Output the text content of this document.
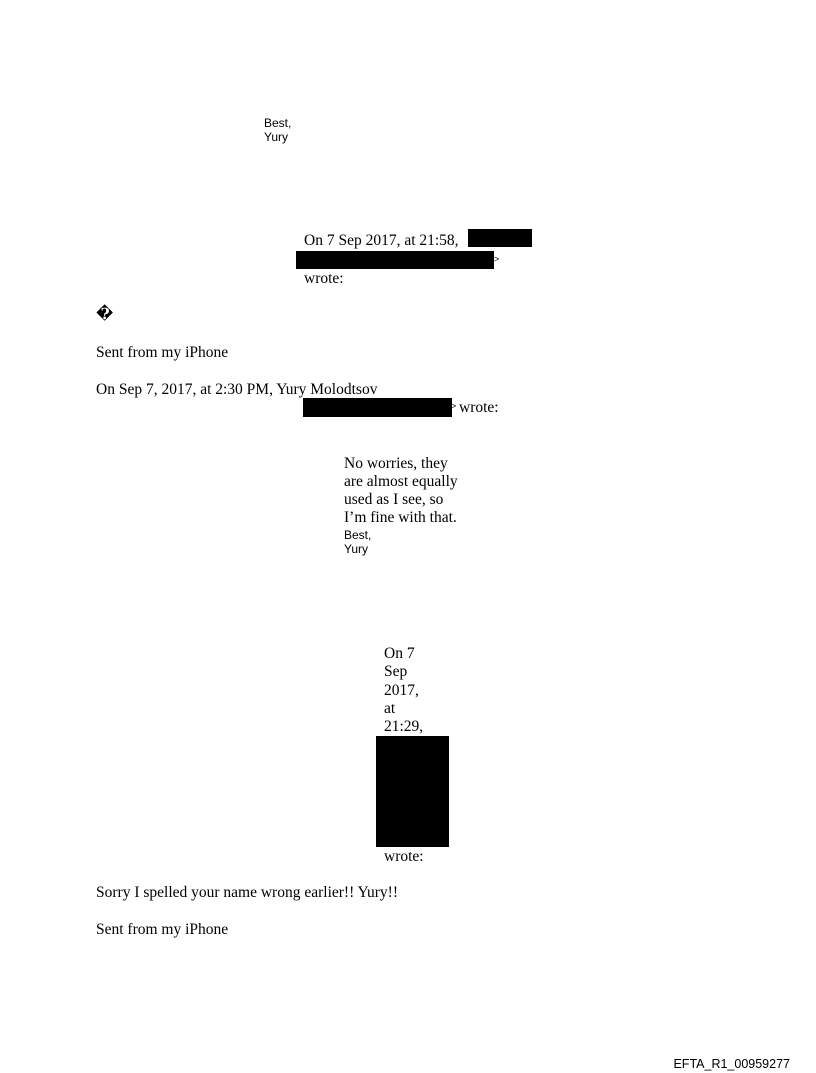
Best,
Yury
On 7 Sep 2017, at 21:58,
>
wrote:
�
Sent from my iPhone
On Sep 7, 2017, at 2:30 PM, Yury Molodtsov
> wrote:
No worries, they
are almost equally
used as I see, so
I’m fine with that.
Best,
Yury
On 7
Sep
2017,
at
21:29,
wrote:
Sorry I spelled your name wrong earlier!! Yury!!
Sent from my iPhone
EFTA_R1_00959277
